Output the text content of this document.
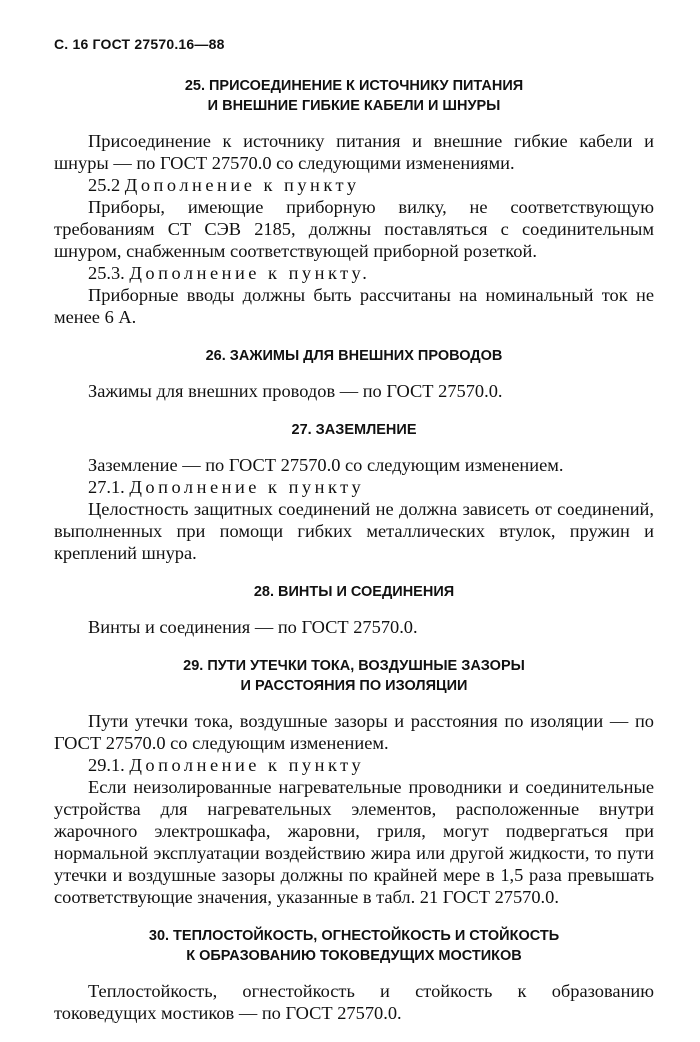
С. 16 ГОСТ 27570.16—88
25. ПРИСОЕДИНЕНИЕ К ИСТОЧНИКУ ПИТАНИЯ
И ВНЕШНИЕ ГИБКИЕ КАБЕЛИ И ШНУРЫ

Присоединение к источнику питания и внешние гибкие кабели и шнуры — по ГОСТ 27570.0 со следующими изменениями.

25.2 Дополнение к пункту

Приборы, имеющие приборную вилку, не соответствующую требованиям СТ СЭВ 2185, должны поставляться с соединительным шнуром, снабженным соответствующей приборной розеткой.

25.3. Дополнение к пункту.

Приборные вводы должны быть рассчитаны на номинальный ток не менее 6 А.

26. ЗАЖИМЫ ДЛЯ ВНЕШНИХ ПРОВОДОВ

Зажимы для внешних проводов — по ГОСТ 27570.0.

27. ЗАЗЕМЛЕНИЕ

Заземление — по ГОСТ 27570.0 со следующим изменением.

27.1. Дополнение к пункту

Целостность защитных соединений не должна зависеть от соединений, выполненных при помощи гибких металлических втулок, пружин и креплений шнура.

28. ВИНТЫ И СОЕДИНЕНИЯ

Винты и соединения — по ГОСТ 27570.0.

29. ПУТИ УТЕЧКИ ТОКА, ВОЗДУШНЫЕ ЗАЗОРЫ
И РАССТОЯНИЯ ПО ИЗОЛЯЦИИ

Пути утечки тока, воздушные зазоры и расстояния по изоляции — по ГОСТ 27570.0 со следующим изменением.

29.1. Дополнение к пункту

Если неизолированные нагревательные проводники и соединительные устройства для нагревательных элементов, расположенные внутри жарочного электрошкафа, жаровни, гриля, могут подвергаться при нормальной эксплуатации воздействию жира или другой жидкости, то пути утечки и воздушные зазоры должны по крайней мере в 1,5 раза превышать соответствующие значения, указанные в табл. 21 ГОСТ 27570.0.

30. ТЕПЛОСТОЙКОСТЬ, ОГНЕСТОЙКОСТЬ И СТОЙКОСТЬ
К ОБРАЗОВАНИЮ ТОКОВЕДУЩИХ МОСТИКОВ

Теплостойкость, огнестойкость и стойкость к образованию токоведущих мостиков — по ГОСТ 27570.0.
